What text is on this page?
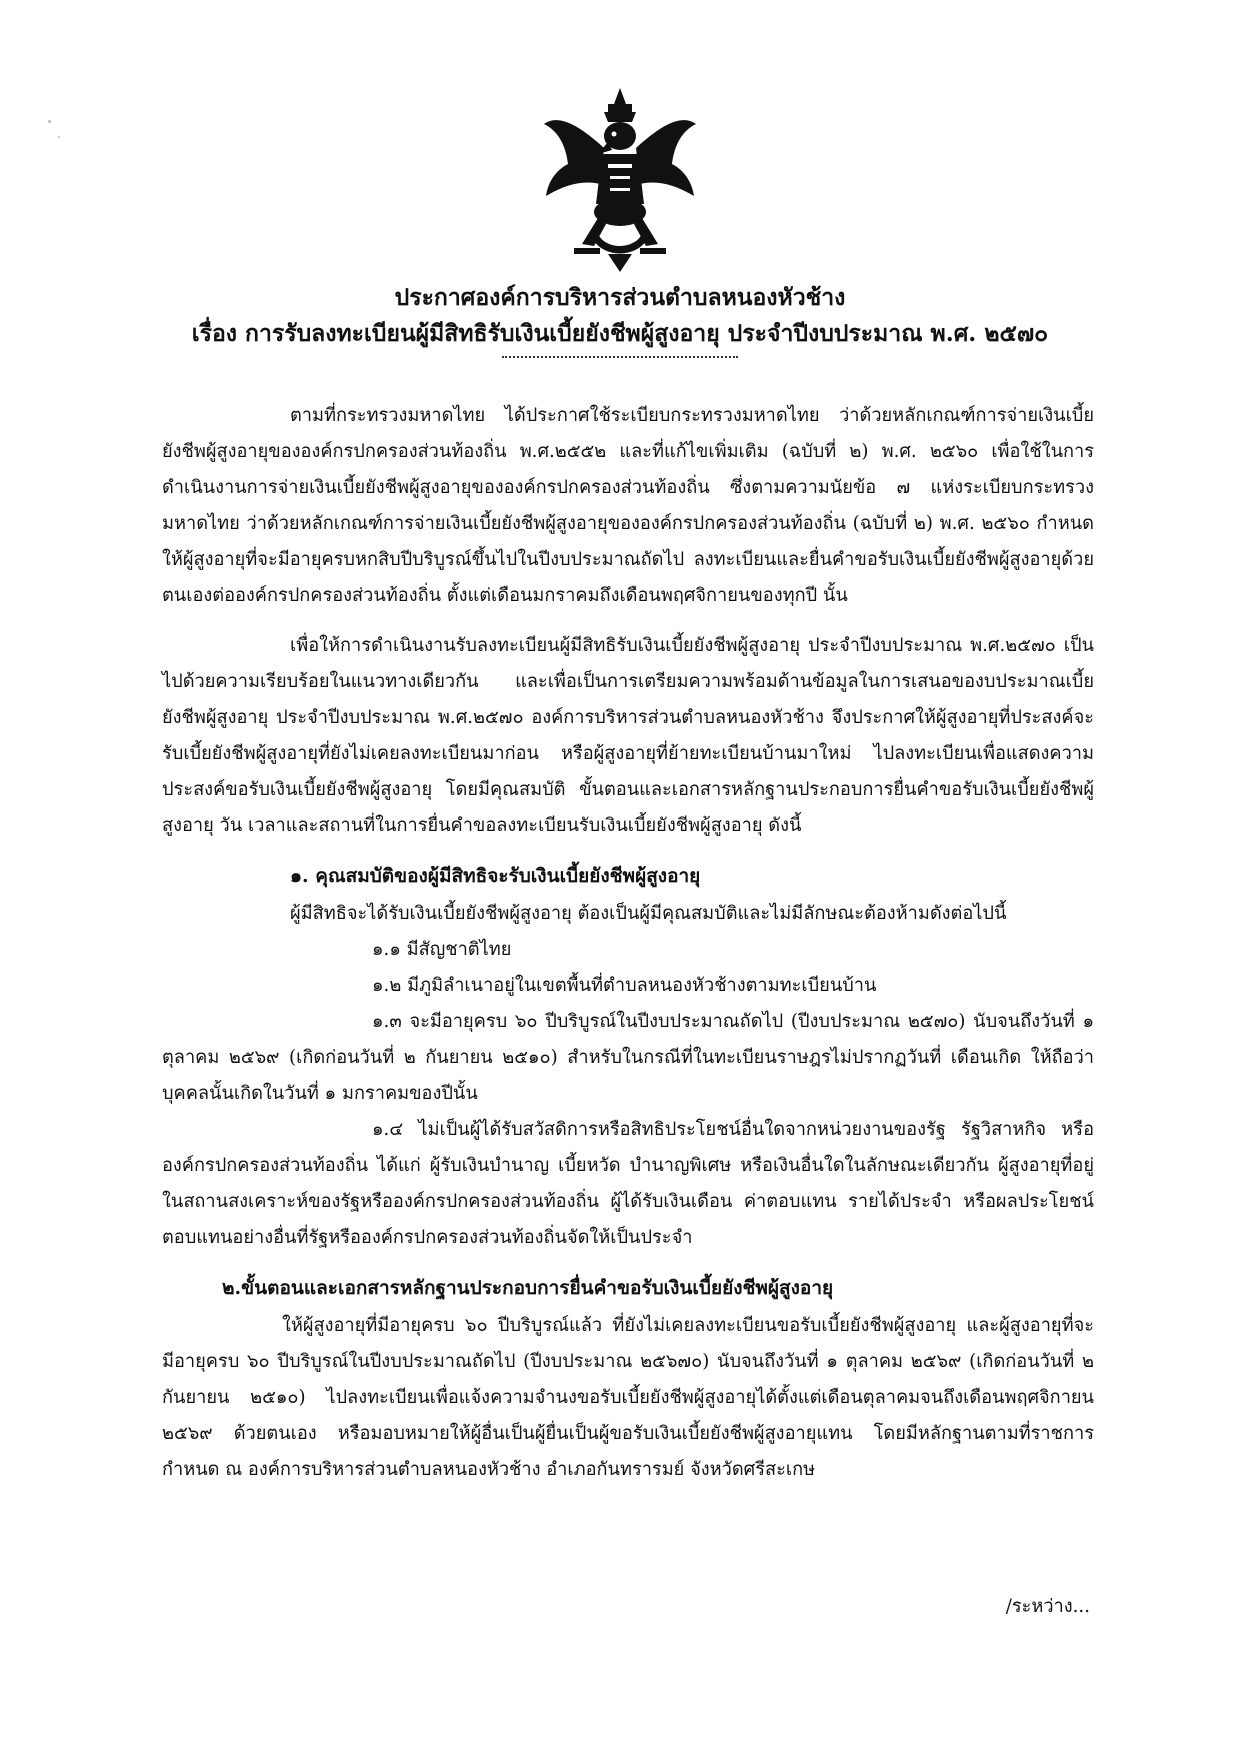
ประกาศองค์การบริหารส่วนตำบลหนองหัวช้าง

เรื่อง การรับลงทะเบียนผู้มีสิทธิรับเงินเบี้ยยังชีพผู้สูงอายุ ประจำปีงบประมาณ พ.ศ. ๒๕๗๐

ตามที่กระทรวงมหาดไทย ได้ประกาศใช้ระเบียบกระทรวงมหาดไทย ว่าด้วยหลักเกณฑ์การจ่ายเงินเบี้ยยังชีพผู้สูงอายุขององค์กรปกครองส่วนท้องถิ่น พ.ศ.๒๕๕๒ และที่แก้ไขเพิ่มเติม (ฉบับที่ ๒) พ.ศ. ๒๕๖๐ เพื่อใช้ในการดำเนินงานการจ่ายเงินเบี้ยยังชีพผู้สูงอายุขององค์กรปกครองส่วนท้องถิ่น ซึ่งตามความนัยข้อ ๗ แห่งระเบียบกระทรวงมหาดไทย ว่าด้วยหลักเกณฑ์การจ่ายเงินเบี้ยยังชีพผู้สูงอายุขององค์กรปกครองส่วนท้องถิ่น (ฉบับที่ ๒) พ.ศ. ๒๕๖๐ กำหนดให้ผู้สูงอายุที่จะมีอายุครบหกสิบปีบริบูรณ์ขึ้นไปในปีงบประมาณถัดไป ลงทะเบียนและยื่นคำขอรับเงินเบี้ยยังชีพผู้สูงอายุด้วยตนเองต่อองค์กรปกครองส่วนท้องถิ่น ตั้งแต่เดือนมกราคมถึงเดือนพฤศจิกายนของทุกปี นั้น

เพื่อให้การดำเนินงานรับลงทะเบียนผู้มีสิทธิรับเงินเบี้ยยังชีพผู้สูงอายุ ประจำปีงบประมาณ พ.ศ.๒๕๗๐ เป็นไปด้วยความเรียบร้อยในแนวทางเดียวกัน และเพื่อเป็นการเตรียมความพร้อมด้านข้อมูลในการเสนอของบประมาณเบี้ยยังชีพผู้สูงอายุ ประจำปีงบประมาณ พ.ศ.๒๕๗๐ องค์การบริหารส่วนตำบลหนองหัวช้าง จึงประกาศให้ผู้สูงอายุที่ประสงค์จะรับเบี้ยยังชีพผู้สูงอายุที่ยังไม่เคยลงทะเบียนมาก่อน หรือผู้สูงอายุที่ย้ายทะเบียนบ้านมาใหม่ ไปลงทะเบียนเพื่อแสดงความประสงค์ขอรับเงินเบี้ยยังชีพผู้สูงอายุ โดยมีคุณสมบัติ ขั้นตอนและเอกสารหลักฐานประกอบการยื่นคำขอรับเงินเบี้ยยังชีพผู้สูงอายุ วัน เวลาและสถานที่ในการยื่นคำขอลงทะเบียนรับเงินเบี้ยยังชีพผู้สูงอายุ ดังนี้

๑. คุณสมบัติของผู้มีสิทธิจะรับเงินเบี้ยยังชีพผู้สูงอายุ

ผู้มีสิทธิจะได้รับเงินเบี้ยยังชีพผู้สูงอายุ ต้องเป็นผู้มีคุณสมบัติและไม่มีลักษณะต้องห้ามดังต่อไปนี้

๑.๑ มีสัญชาติไทย

๑.๒ มีภูมิลำเนาอยู่ในเขตพื้นที่ตำบลหนองหัวช้างตามทะเบียนบ้าน

๑.๓ จะมีอายุครบ ๖๐ ปีบริบูรณ์ในปีงบประมาณถัดไป (ปีงบประมาณ ๒๕๗๐) นับจนถึงวันที่ ๑ ตุลาคม ๒๕๖๙ (เกิดก่อนวันที่ ๒ กันยายน ๒๕๑๐) สำหรับในกรณีที่ในทะเบียนราษฎรไม่ปรากฏวันที่ เดือนเกิด ให้ถือว่าบุคคลนั้นเกิดในวันที่ ๑ มกราคมของปีนั้น

๑.๔ ไม่เป็นผู้ได้รับสวัสดิการหรือสิทธิประโยชน์อื่นใดจากหน่วยงานของรัฐ รัฐวิสาหกิจ หรือ องค์กรปกครองส่วนท้องถิ่น ได้แก่ ผู้รับเงินบำนาญ เบี้ยหวัด บำนาญพิเศษ หรือเงินอื่นใดในลักษณะเดียวกัน ผู้สูงอายุที่อยู่ในสถานสงเคราะห์ของรัฐหรือองค์กรปกครองส่วนท้องถิ่น ผู้ได้รับเงินเดือน ค่าตอบแทน รายได้ประจำ หรือผลประโยชน์ตอบแทนอย่างอื่นที่รัฐหรือองค์กรปกครองส่วนท้องถิ่นจัดให้เป็นประจำ

๒.ขั้นตอนและเอกสารหลักฐานประกอบการยื่นคำขอรับเงินเบี้ยยังชีพผู้สูงอายุ

ให้ผู้สูงอายุที่มีอายุครบ ๖๐ ปีบริบูรณ์แล้ว ที่ยังไม่เคยลงทะเบียนขอรับเบี้ยยังชีพผู้สูงอายุ และผู้สูงอายุที่จะมีอายุครบ ๖๐ ปีบริบูรณ์ในปีงบประมาณถัดไป (ปีงบประมาณ ๒๕๖๗๐) นับจนถึงวันที่ ๑ ตุลาคม ๒๕๖๙ (เกิดก่อนวันที่ ๒ กันยายน ๒๕๑๐) ไปลงทะเบียนเพื่อแจ้งความจำนงขอรับเบี้ยยังชีพผู้สูงอายุได้ตั้งแต่เดือนตุลาคมจนถึงเดือนพฤศจิกายน ๒๕๖๙ ด้วยตนเอง หรือมอบหมายให้ผู้อื่นเป็นผู้ยื่นเป็นผู้ขอรับเงินเบี้ยยังชีพผู้สูงอายุแทน โดยมีหลักฐานตามที่ราชการกำหนด ณ องค์การบริหารส่วนตำบลหนองหัวช้าง อำเภอกันทรารมย์ จังหวัดศรีสะเกษ

/ระหว่าง...
